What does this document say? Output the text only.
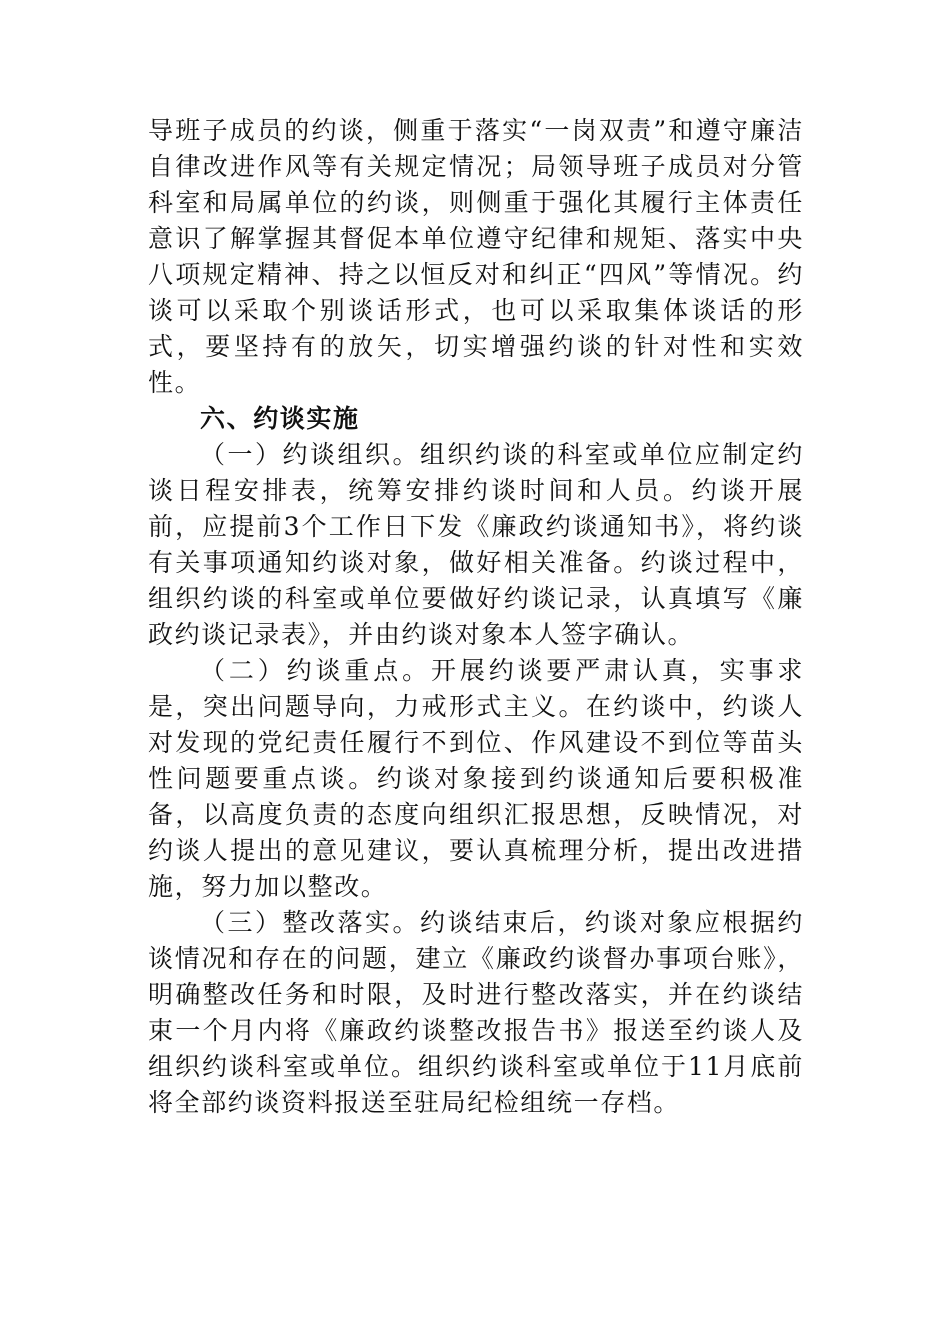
导班子成员的约谈，侧重于落实“一岗双责”和遵守廉洁自律改进作风等有关规定情况；局领导班子成员对分管科室和局属单位的约谈，则侧重于强化其履行主体责任意识了解掌握其督促本单位遵守纪律和规矩、落实中央八项规定精神、持之以恒反对和纠正“四风”等情况。约谈可以采取个别谈话形式，也可以采取集体谈话的形式，要坚持有的放矢，切实增强约谈的针对性和实效性。

六、约谈实施

（一）约谈组织。组织约谈的科室或单位应制定约谈日程安排表，统筹安排约谈时间和人员。约谈开展前，应提前3个工作日下发《廉政约谈通知书》，将约谈有关事项通知约谈对象，做好相关准备。约谈过程中，组织约谈的科室或单位要做好约谈记录，认真填写《廉政约谈记录表》，并由约谈对象本人签字确认。

（二）约谈重点。开展约谈要严肃认真，实事求是，突出问题导向，力戒形式主义。在约谈中，约谈人对发现的党纪责任履行不到位、作风建设不到位等苗头性问题要重点谈。约谈对象接到约谈通知后要积极准备，以高度负责的态度向组织汇报思想，反映情况，对约谈人提出的意见建议，要认真梳理分析，提出改进措施，努力加以整改。

（三）整改落实。约谈结束后，约谈对象应根据约谈情况和存在的问题，建立《廉政约谈督办事项台账》，明确整改任务和时限，及时进行整改落实，并在约谈结束一个月内将《廉政约谈整改报告书》报送至约谈人及组织约谈科室或单位。组织约谈科室或单位于11月底前将全部约谈资料报送至驻局纪检组统一存档。
